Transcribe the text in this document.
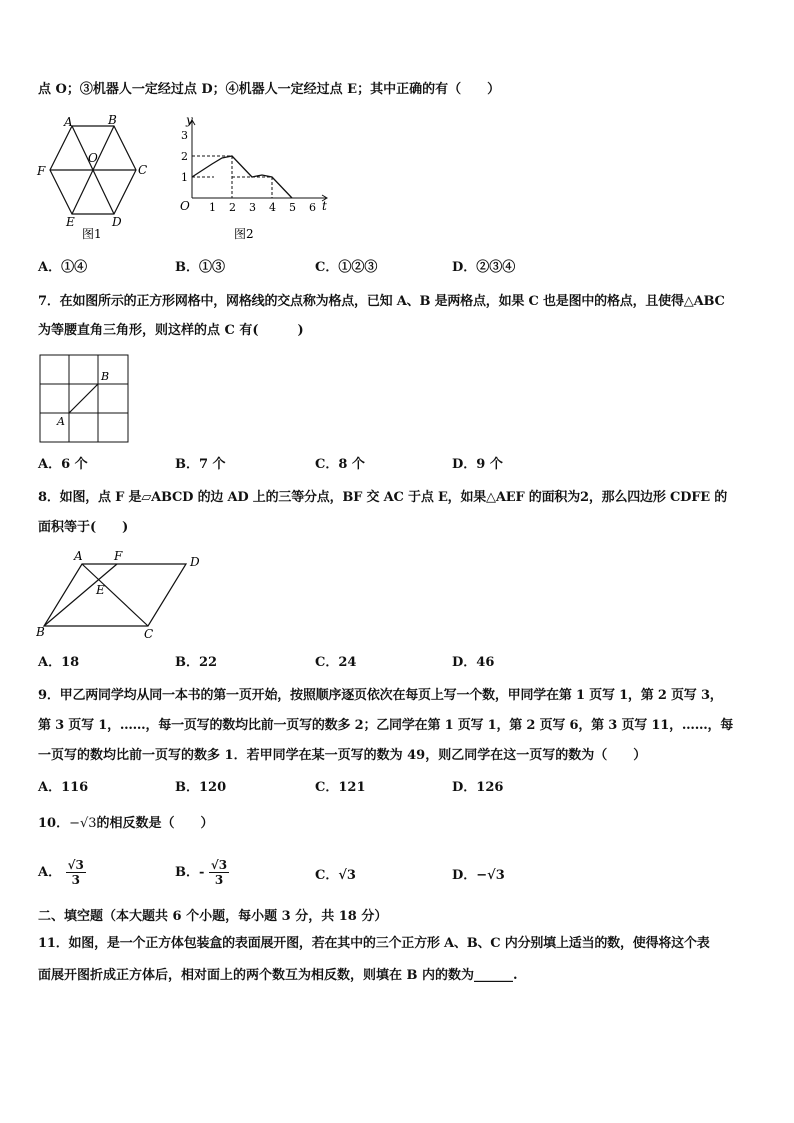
点 O；③机器人一定经过点 D；④机器人一定经过点 E；其中正确的有（　　）
A	B
C
D
E
F
O
图1
y
t
O
1
2
3
1 2 3 4 5 6
图2
A．①④	B．①③	C．①②③	D．②③④
7．在如图所示的正方形网格中，网格线的交点称为格点，已知 A、B 是两格点，如果 C 也是图中的格点，且使得△ABC
为等腰直角三角形，则这样的点 C 有(　　　)
A
B
A．6 个	B．7 个	C．8 个	D．9 个
8．如图，点 F 是▱ABCD 的边 AD 上的三等分点，BF 交 AC 于点 E，如果△AEF 的面积为2，那么四边形 CDFE 的
面积等于(　　)
A	F	D
E
B	C
A．18	B．22	C．24	D．46
9．甲乙两同学均从同一本书的第一页开始，按照顺序逐页依次在每页上写一个数，甲同学在第 1 页写 1，第 2 页写 3，
第 3 页写 1，……，每一页写的数均比前一页写的数多 2；乙同学在第 1 页写 1，第 2 页写 6，第 3 页写 11，……，每
一页写的数均比前一页写的数多 1．若甲同学在某一页写的数为 49，则乙同学在这一页写的数为（　　）
A．116	B．120	C．121	D．126
10．−√3的相反数是（　　）
A． $\frac{√3}{3}$	B．- $\frac{√3}{3}$	C．√3	D．−√3
二、填空题（本大题共 6 个小题，每小题 3 分，共 18 分）
11．如图，是一个正方体包装盒的表面展开图，若在其中的三个正方形 A、B、C 内分别填上适当的数，使得将这个表
面展开图折成正方体后，相对面上的两个数互为相反数，则填在 B 内的数为______.
